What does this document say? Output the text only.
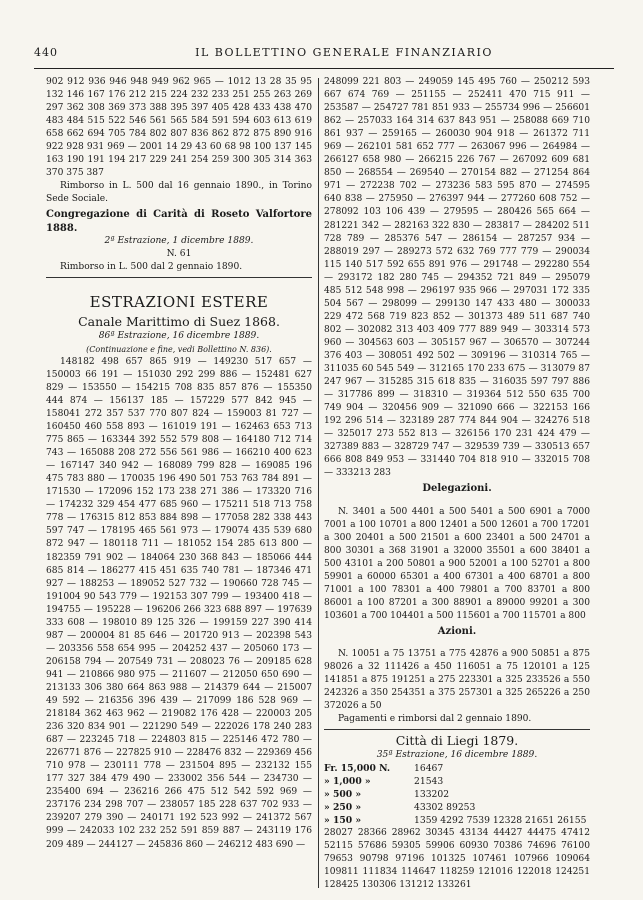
440	IL BOLLETTINO GENERALE FINANZIARIO

902 912 936 946 948 949 962 965 — 1012 13 28 35 95 132 146 167 176 212 215 224 232 233 251 255 263 269 297 362 308 369 373 388 395 397 405 428 433 438 470 483 484 515 522 546 561 565 584 591 594 603 613 619 658 662 694 705 784 802 807 836 862 872 875 890 916 922 928 931 969 — 2001 14 29 43 60 68 98 100 137 145 163 190 191 194 217 229 241 254 259 300 305 314 363 370 375 387

Rimborso in L. 500 dal 16 gennaio 1890., in Torino Sede Sociale.

Congregazione di Carità di Roseto Valfortore 1888.

2ª Estrazione, 1 dicembre 1889.

N. 61

Rimborso in L. 500 dal 2 gennaio 1890.

ESTRAZIONI ESTERE

Canale Marittimo di Suez 1868.

86ª Estrazione, 16 dicembre 1889.

(Continuazione e fine, vedi Bollettino N. 836).

148182 498 657 865 919 — 149230 517 657 — 150003 66 191 — 151030 292 299 886 — 152481 627 829 — 153550 — 154215 708 835 857 876 — 155350 444 874 — 156137 185 — 157229 577 842 945 — 158041 272 357 537 770 807 824 — 159003 81 727 — 160450 460 558 893 — 161019 191 — 162463 653 713 775 865 — 163344 392 552 579 808 — 164180 712 714 743 — 165088 208 272 556 561 986 — 166210 400 623 — 167147 340 942 — 168089 799 828 — 169085 196 475 783 880 — 170035 196 490 501 753 763 784 891 — 171530 — 172096 152 173 238 271 386 — 173320 716 — 174232 329 454 477 685 960 — 175211 518 713 758 778 — 176315 812 853 884 898 — 177058 282 338 443 597 747 — 178195 465 561 973 — 179074 435 539 680 872 947 — 180118 711 — 181052 154 285 613 800 — 182359 791 902 — 184064 230 368 843 — 185066 444 685 814 — 186277 415 451 635 740 781 — 187346 471 927 — 188253 — 189052 527 732 — 190660 728 745 — 191004 90 543 779 — 192153 307 799 — 193400 418 — 194755 — 195228 — 196206 266 323 688 897 — 197639 333 608 — 198010 89 125 326 — 199159 227 390 414 987 — 200004 81 85 646 — 201720 913 — 202398 543 — 203356 558 654 995 — 204252 437 — 205060 173 — 206158 794 — 207549 731 — 208023 76 — 209185 628 941 — 210866 980 975 — 211607 — 212050 650 690 — 213133 306 380 664 863 988 — 214379 644 — 215007 49 592 — 216356 396 439 — 217099 186 528 969 — 218184 362 463 962 — 219082 176 428 — 220003 205 236 320 834 901 — 221290 549 — 222026 178 240 283 687 — 223245 718 — 224803 815 — 225146 472 780 — 226771 876 — 227825 910 — 228476 832 — 229369 456 710 978 — 230111 778 — 231504 895 — 232132 155 177 327 384 479 490 — 233002 356 544 — 234730 — 235400 694 — 236216 266 475 512 542 592 969 — 237176 234 298 707 — 238057 185 228 637 702 933 — 239207 279 390 — 240171 192 523 992 — 241372 567 999 — 242033 102 232 252 591 859 887 — 243119 176 209 489 — 244127 — 245836 860 — 246212 483 690 —

248099 221 803 — 249059 145 495 760 — 250212 593 667 674 769 — 251155 — 252411 470 715 911 — 253587 — 254727 781 851 933 — 255734 996 — 256601 862 — 257033 164 314 637 843 951 — 258088 669 710 861 937 — 259165 — 260030 904 918 — 261372 711 969 — 262101 581 652 777 — 263067 996 — 264984 — 266127 658 980 — 266215 226 767 — 267092 609 681 850 — 268554 — 269540 — 270154 882 — 271254 864 971 — 272238 702 — 273236 583 595 870 — 274595 640 838 — 275950 — 276397 944 — 277260 608 752 — 278092 103 106 439 — 279595 — 280426 565 664 — 281221 342 — 282163 322 830 — 283817 — 284202 511 728 789 — 285376 547 — 286154 — 287257 934 — 288019 297 — 289273 572 632 769 777 779 — 290034 115 140 517 592 655 891 976 — 291748 — 292280 554 — 293172 182 280 745 — 294352 721 849 — 295079 485 512 548 998 — 296197 935 966 — 297031 172 335 504 567 — 298099 — 299130 147 433 480 — 300033 229 472 568 719 823 852 — 301373 489 511 687 740 802 — 302082 313 403 409 777 889 949 — 303314 573 960 — 304563 603 — 305157 967 — 306570 — 307244 376 403 — 308051 492 502 — 309196 — 310314 765 — 311035 60 545 549 — 312165 170 233 675 — 313079 87 247 967 — 315285 315 618 835 — 316035 597 797 886 — 317786 899 — 318310 — 319364 512 550 635 700 749 904 — 320456 909 — 321090 666 — 322153 166 192 296 514 — 323189 287 774 844 904 — 324276 518 — 325017 273 552 813 — 326156 170 231 424 479 — 327389 883 — 328729 747 — 329539 739 — 330513 657 666 808 849 953 — 331440 704 818 910 — 332015 708 — 333213 283

Delegazioni.

N. 3401 a 500 4401 a 500 5401 a 500 6901 a 7000 7001 a 100 10701 a 800 12401 a 500 12601 a 700 17201 a 300 20401 a 500 21501 a 600 23401 a 500 24701 a 800 30301 a 368 31901 a 32000 35501 a 600 38401 a 500 43101 a 200 50801 a 900 52001 a 100 52701 a 800 59901 a 60000 65301 a 400 67301 a 400 68701 a 800 71001 a 100 78301 a 400 79801 a 700 83701 a 800 86001 a 100 87201 a 300 88901 a 89000 99201 a 300 103601 a 700 104401 a 500 115601 a 700 115701 a 800

Azioni.

N. 10051 a 75 13751 a 775 42876 a 900 50851 a 875 98026 a 32 111426 a 450 116051 a 75 120101 a 125 141851 a 875 191251 a 275 223301 a 325 233526 a 550 242326 a 350 254351 a 375 257301 a 325 265226 a 250 372026 a 50

Pagamenti e rimborsi dal 2 gennaio 1890.

Città di Liegi 1879.

35ª Estrazione, 16 dicembre 1889.

Fr. 15,000 N.	16467
» 1,000 »	21543
» 500 »	133202
» 250 »	43302 89253
» 150 »	1359 4292 7539 12328 21651 26155

28027 28366 28962 30345 43134 44427 44475 47412 52115 57686 59305 59906 60930 70386 74696 76100 79653 90798 97196 101325 107461 107966 109064 109811 111834 114647 118259 121016 122018 124251 128425 130306 131212 133261
